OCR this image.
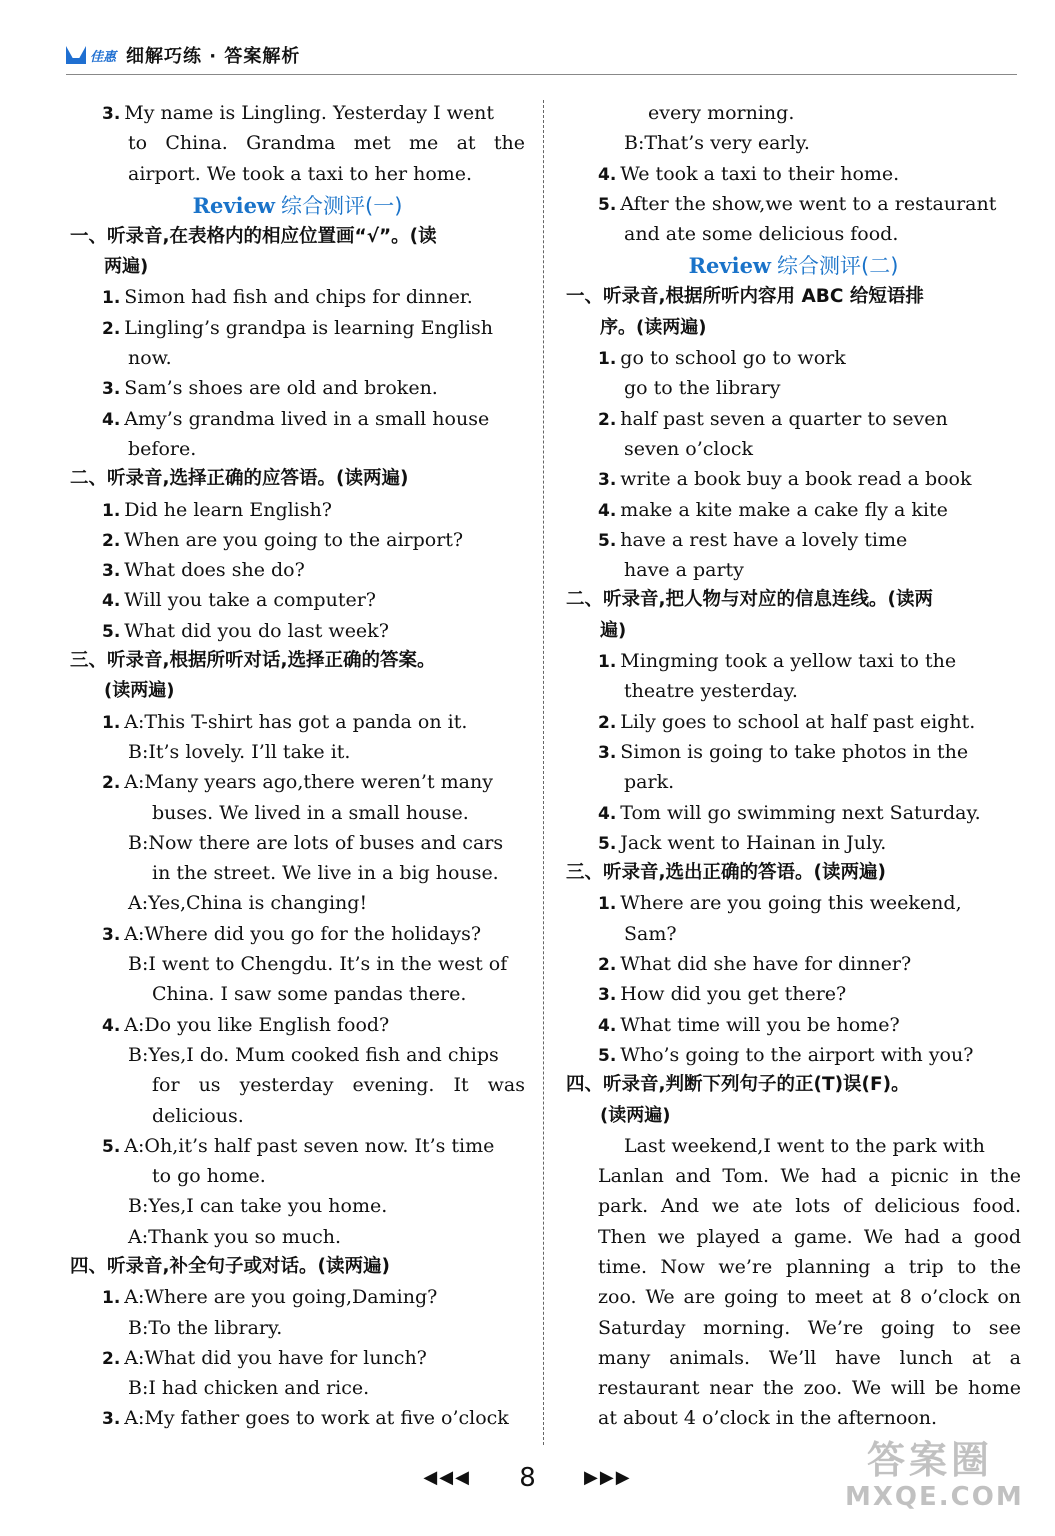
佳惠 细解巧练 · 答案解析
3. My name is Lingling. Yesterday I went
to China. Grandma met me at the
airport. We took a taxi to her home.
Review 综合测评(一)
一、听录音,在表格内的相应位置画“√”。(读
两遍)
1. Simon had fish and chips for dinner.
2. Lingling’s grandpa is learning English
now.
3. Sam’s shoes are old and broken.
4. Amy’s grandma lived in a small house
before.
二、听录音,选择正确的应答语。(读两遍)
1. Did he learn English?
2. When are you going to the airport?
3. What does she do?
4. Will you take a computer?
5. What did you do last week?
三、听录音,根据所听对话,选择正确的答案。
(读两遍)
1. A:This T-shirt has got a panda on it.
B:It’s lovely. I’ll take it.
2. A:Many years ago,there weren’t many
buses. We lived in a small house.
B:Now there are lots of buses and cars
in the street. We live in a big house.
A:Yes,China is changing!
3. A:Where did you go for the holidays?
B:I went to Chengdu. It’s in the west of
China. I saw some pandas there.
4. A:Do you like English food?
B:Yes,I do. Mum cooked fish and chips
for us yesterday evening. It was
delicious.
5. A:Oh,it’s half past seven now. It’s time
to go home.
B:Yes,I can take you home.
A:Thank you so much.
四、听录音,补全句子或对话。(读两遍)
1. A:Where are you going,Daming?
B:To the library.
2. A:What did you have for lunch?
B:I had chicken and rice.
3. A:My father goes to work at five o’clock
every morning.
B:That’s very early.
4. We took a taxi to their home.
5. After the show,we went to a restaurant
and ate some delicious food.
Review 综合测评(二)
一、听录音,根据所听内容用 ABC 给短语排
序。(读两遍)
1. go to school go to work
go to the library
2. half past seven a quarter to seven
seven o’clock
3. write a book buy a book read a book
4. make a kite make a cake fly a kite
5. have a rest have a lovely time
have a party
二、听录音,把人物与对应的信息连线。(读两
遍)
1. Mingming took a yellow taxi to the
theatre yesterday.
2. Lily goes to school at half past eight.
3. Simon is going to take photos in the
park.
4. Tom will go swimming next Saturday.
5. Jack went to Hainan in July.
三、听录音,选出正确的答语。(读两遍)
1. Where are you going this weekend,
Sam?
2. What did she have for dinner?
3. How did you get there?
4. What time will you be home?
5. Who’s going to the airport with you?
四、听录音,判断下列句子的正(T)误(F)。
(读两遍)
Last weekend,I went to the park with
Lanlan and Tom. We had a picnic in the
park. And we ate lots of delicious food.
Then we played a game. We had a good
time. Now we’re planning a trip to the
zoo. We are going to meet at 8 o’clock on
Saturday morning. We’re going to see
many animals. We’ll have lunch at a
restaurant near the zoo. We will be home
at about 4 o’clock in the afternoon.
◀◀◀ 8	▶▶▶	答案圈
MXQE.COM
